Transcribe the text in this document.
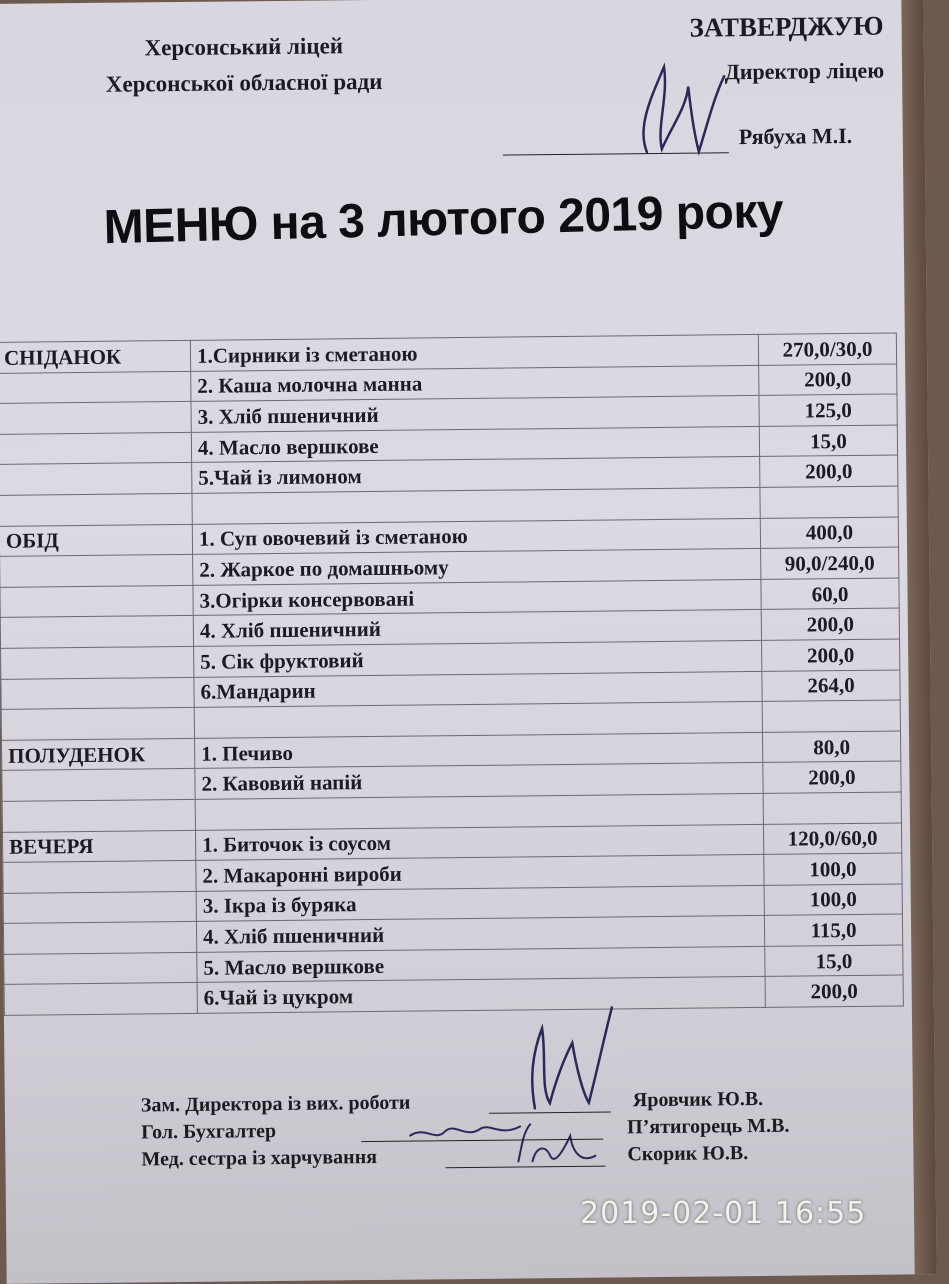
Херсонський ліцей
Херсонської обласної ради
ЗАТВЕРДЖУЮ
Директор ліцею
Рябуха М.І.
МЕНЮ на 3 лютого 2019 року
СНІДАНОК	1.Сирники із сметаною	270,0/30,0
	2. Каша молочна манна	200,0
	3. Хліб пшеничний	125,0
	4. Масло вершкове	15,0
	5.Чай із лимоном	200,0

ОБІД	1. Суп овочевий із сметаною	400,0
	2. Жаркое по домашньому	90,0/240,0
	3.Огірки консервовані	60,0
	4. Хліб пшеничний	200,0
	5. Сік фруктовий	200,0
	6.Мандарин	264,0

ПОЛУДЕНОК	1. Печиво	80,0
	2. Кавовий напій	200,0

ВЕЧЕРЯ	1. Биточок із соусом	120,0/60,0
	2. Макаронні вироби	100,0
	3. Ікра із буряка	100,0
	4. Хліб пшеничний	115,0
	5. Масло вершкове	15,0
	6.Чай із цукром	200,0
Зам. Директора із вих. роботи	Яровчик Ю.В.
Гол. Бухгалтер	П’ятигорець М.В.
Мед. сестра із харчування	Скорик Ю.В.
2019-02-01 16:55
